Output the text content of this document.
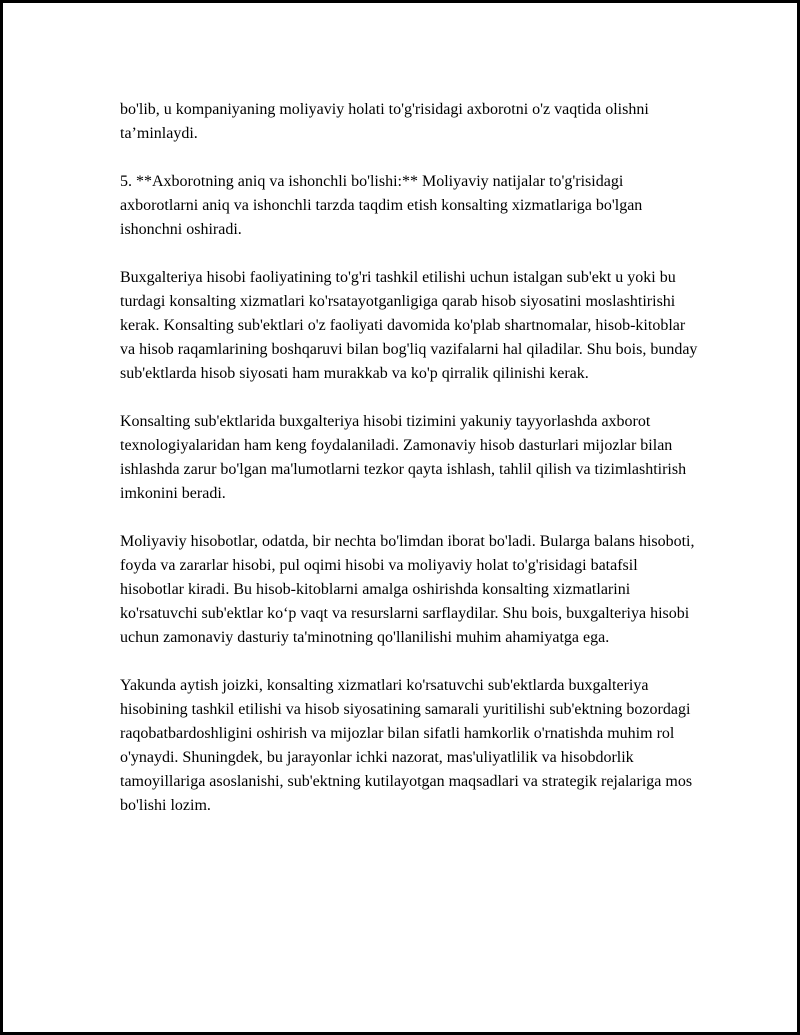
bo'lib, u kompaniyaning moliyaviy holati to'g'risidagi axborotni o'z vaqtida olishni ta’minlaydi.

5. **Axborotning aniq va ishonchli bo'lishi:** Moliyaviy natijalar to'g'risidagi axborotlarni aniq va ishonchli tarzda taqdim etish konsalting xizmatlariga bo'lgan ishonchni oshiradi.

Buxgalteriya hisobi faoliyatining to'g'ri tashkil etilishi uchun istalgan sub'ekt u yoki bu turdagi konsalting xizmatlari ko'rsatayotganligiga qarab hisob siyosatini moslashtirishi kerak. Konsalting sub'ektlari o'z faoliyati davomida ko'plab shartnomalar, hisob-kitoblar va hisob raqamlarining boshqaruvi bilan bog'liq vazifalarni hal qiladilar. Shu bois, bunday sub'ektlarda hisob siyosati ham murakkab va ko'p qirralik qilinishi kerak.

Konsalting sub'ektlarida buxgalteriya hisobi tizimini yakuniy tayyorlashda axborot texnologiyalaridan ham keng foydalaniladi. Zamonaviy hisob dasturlari mijozlar bilan ishlashda zarur bo'lgan ma'lumotlarni tezkor qayta ishlash, tahlil qilish va tizimlashtirish imkonini beradi.

Moliyaviy hisobotlar, odatda, bir nechta bo'limdan iborat bo'ladi. Bularga balans hisoboti, foyda va zararlar hisobi, pul oqimi hisobi va moliyaviy holat to'g'risidagi batafsil hisobotlar kiradi. Bu hisob-kitoblarni amalga oshirishda konsalting xizmatlarini ko'rsatuvchi sub'ektlar ko‘p vaqt va resurslarni sarflaydilar. Shu bois, buxgalteriya hisobi uchun zamonaviy dasturiy ta'minotning qo'llanilishi muhim ahamiyatga ega.

Yakunda aytish joizki, konsalting xizmatlari ko'rsatuvchi sub'ektlarda buxgalteriya hisobining tashkil etilishi va hisob siyosatining samarali yuritilishi sub'ektning bozordagi raqobatbardoshligini oshirish va mijozlar bilan sifatli hamkorlik o'rnatishda muhim rol o'ynaydi. Shuningdek, bu jarayonlar ichki nazorat, mas'uliyatlilik va hisobdorlik tamoyillariga asoslanishi, sub'ektning kutilayotgan maqsadlari va strategik rejalariga mos bo'lishi lozim.
